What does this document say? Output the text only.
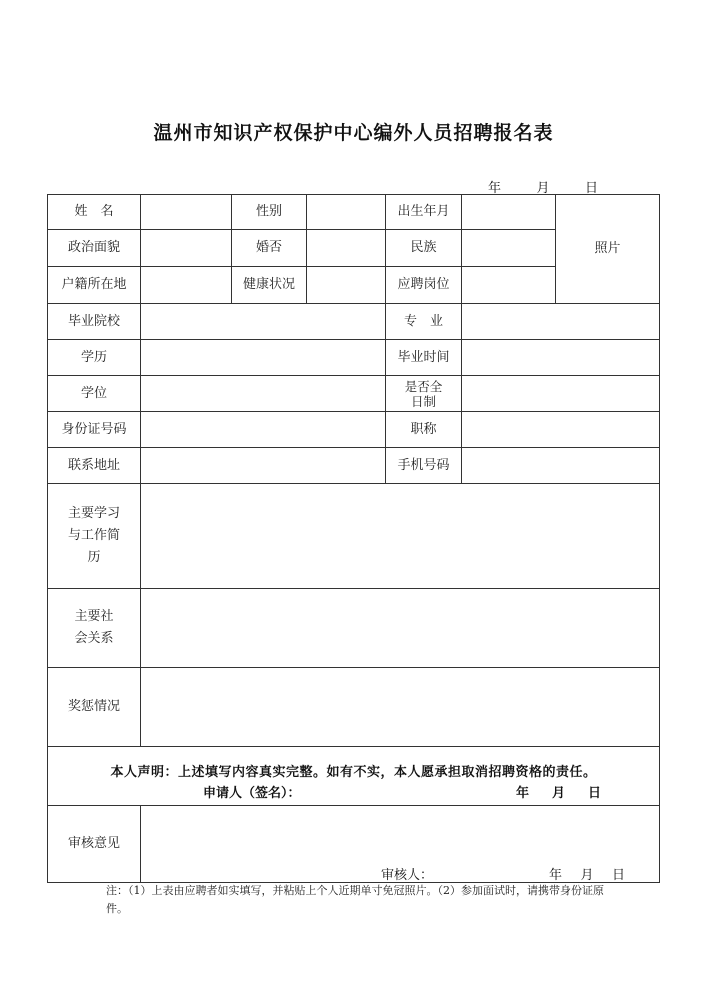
温州市知识产权保护中心编外人员招聘报名表
年	月	日
姓　名	性别	出生年月
照片
政治面貌	婚否	民族
户籍所在地	健康状况	应聘岗位
毕业院校	专　业
学历	毕业时间
学位	是否全日制
身份证号码	职称
联系地址	手机号码
主要学习与工作简历
主要社会关系
奖惩情况
本人声明：上述填写内容真实完整。如有不实，本人愿承担取消招聘资格的责任。
申请人（签名）：	年 月 日
审核意见
审核人：	年 月 日
注：（1）上表由应聘者如实填写，并粘贴上个人近期单寸免冠照片。（2）参加面试时，请携带身份证原件。
